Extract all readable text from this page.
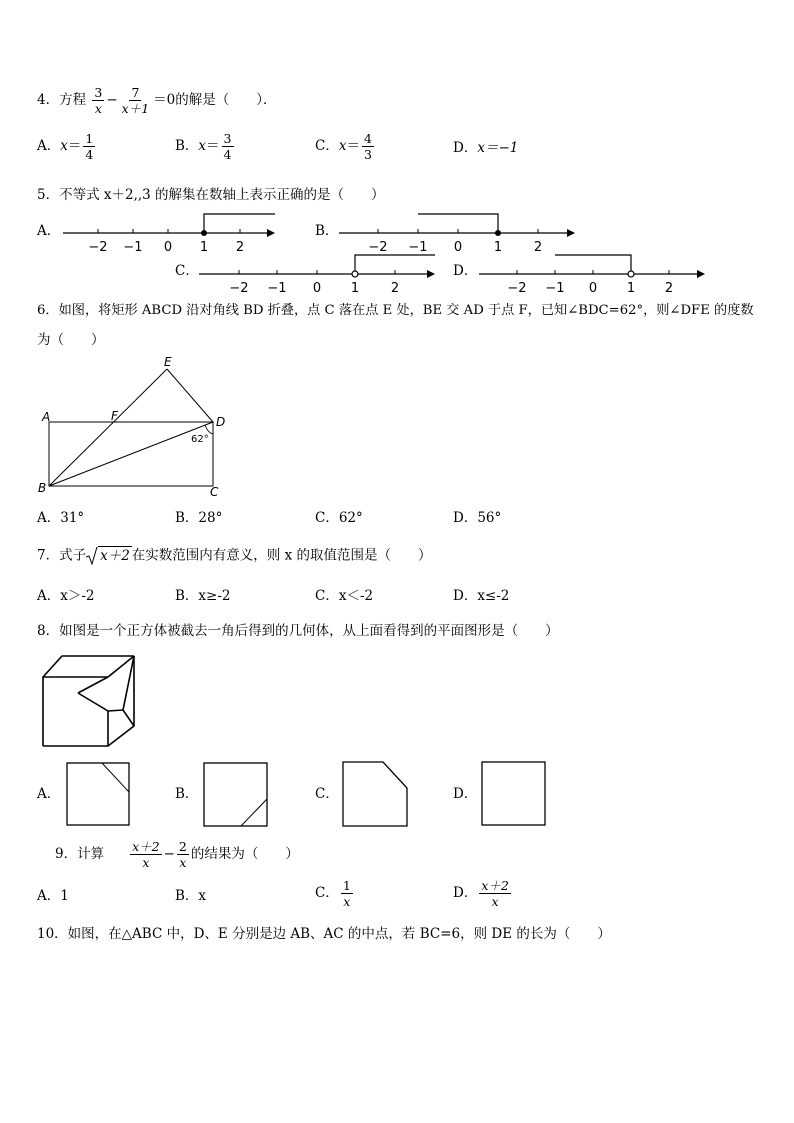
4．方程 $\frac{3}{x} - \frac{7}{x+1} =0$的解是（　　）．
A．$x= \frac{1}{4}$	B．$x= \frac{3}{4}$	C．$x= \frac{4}{3}$	D．x＝−1
5．不等式 x＋2,,3 的解集在数轴上表示正确的是（　　）
A．	B．
C．	D．
−2 −1 0 1 2	−2 −1 0 1 2
−2 −1 0 1 2	−2 −1 0 1 2
6．如图，将矩形 ABCD 沿对角线 BD 折叠，点 C 落在点 E 处，BE 交 AD 于点 F，已知∠BDC=62°，则∠DFE 的度数
为（　　）
A
B	C
D
E
F
62°
A．31°	B．28°	C．62°	D．56°
7．式子 x＋2 在实数范围内有意义，则 x 的取值范围是（　　）
A．x＞-2	B．x≥-2	C．x＜-2	D．x≤-2
8．如图是一个正方体被截去一角后得到的几何体，从上面看得到的平面图形是（　　）
A．	B．	C．	D．
9．计算 $\frac{x+2}{x} - \frac{2}{x}$ 的结果为（　　）
A．1	B．x	C． $\frac{1}{x}$	D． $\frac{x+2}{x}$
10．如图，在△ABC 中，D、E 分别是边 AB、AC 的中点，若 BC=6，则 DE 的长为（　　）
